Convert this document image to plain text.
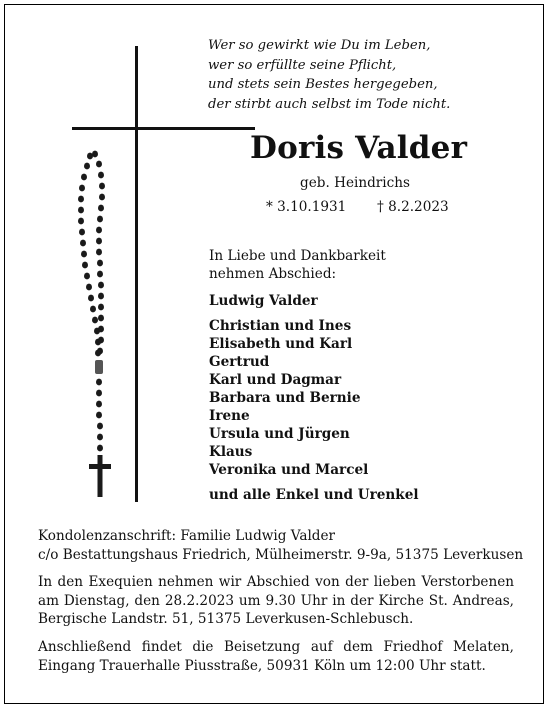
Wer so gewirkt wie Du im Leben,
wer so erfüllte seine Pflicht,
und stets sein Bestes hergegeben,
der stirbt auch selbst im Tode nicht.
Doris Valder
geb. Heindrichs
* 3.10.1931 † 8.2.2023
In Liebe und Dankbarkeit
nehmen Abschied:
Ludwig Valder
Christian und Ines
Elisabeth und Karl
Gertrud
Karl und Dagmar
Barbara und Bernie
Irene
Ursula und Jürgen
Klaus
Veronika und Marcel
und alle Enkel und Urenkel

Kondolenzanschrift: Familie Ludwig Valder
c/o Bestattungshaus Friedrich, Mülheimerstr. 9-9a, 51375 Leverkusen

In den Exequien nehmen wir Abschied von der lieben Verstorbenen am Dienstag, den 28.2.2023 um 9.30 Uhr in der Kirche St. Andreas, Bergische Landstr. 51, 51375 Leverkusen-Schlebusch.

Anschließend findet die Beisetzung auf dem Friedhof Melaten, Eingang Trauerhalle Piusstraße, 50931 Köln um 12:00 Uhr statt.
